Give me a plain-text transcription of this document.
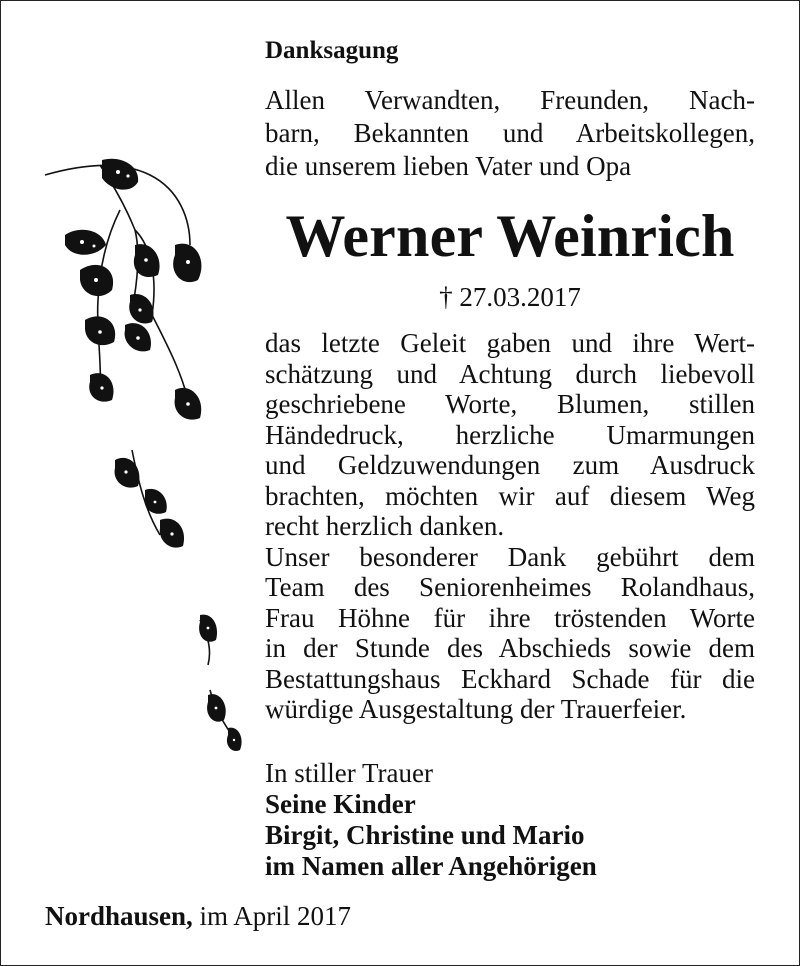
Danksagung
Allen Verwandten, Freunden, Nach-
barn, Bekannten und Arbeitskollegen,
die unserem lieben Vater und Opa
Werner Weinrich
† 27.03.2017
das letzte Geleit gaben und ihre Wert-
schätzung und Achtung durch liebevoll
geschriebene Worte, Blumen, stillen
Händedruck, herzliche Umarmungen
und Geldzuwendungen zum Ausdruck
brachten, möchten wir auf diesem Weg
recht herzlich danken.
Unser besonderer Dank gebührt dem
Team des Seniorenheimes Rolandhaus,
Frau Höhne für ihre tröstenden Worte
in der Stunde des Abschieds sowie dem
Bestattungshaus Eckhard Schade für die
würdige Ausgestaltung der Trauerfeier.
In stiller Trauer
Seine Kinder
Birgit, Christine und Mario
im Namen aller Angehörigen
Nordhausen, im April 2017
